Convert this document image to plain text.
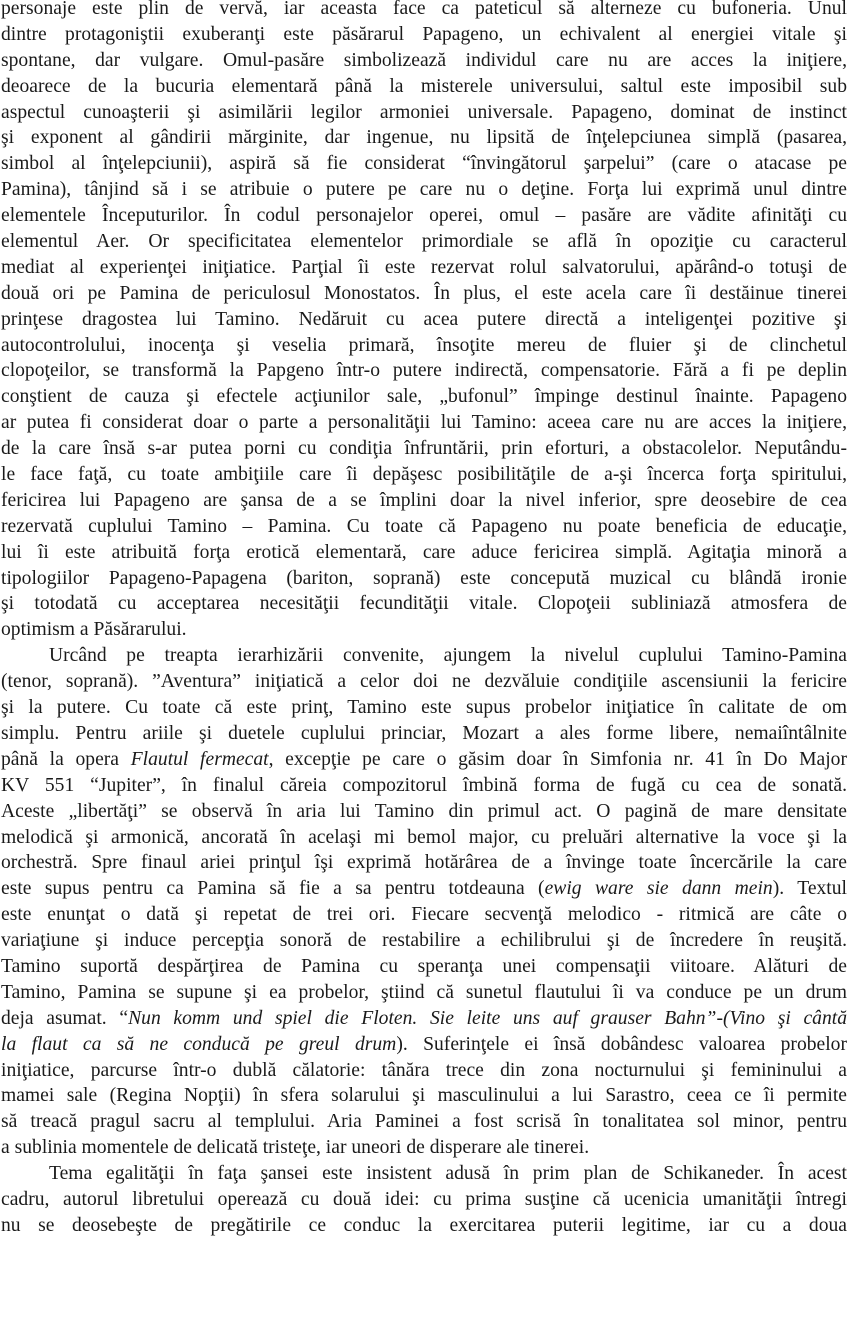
personaje este plin de vervă, iar aceasta face ca pateticul să alterneze cu bufoneria. Unul
dintre protagoniştii exuberanţi este păsărarul Papageno, un echivalent al energiei vitale şi
spontane, dar vulgare. Omul-pasăre simbolizează individul care nu are acces la iniţiere,
deoarece de la bucuria elementară până la misterele universului, saltul este imposibil sub
aspectul cunoaşterii şi asimilării legilor armoniei universale. Papageno, dominat de instinct
şi exponent al gândirii mărginite, dar ingenue, nu lipsită de înţelepciunea simplă (pasarea,
simbol al înţelepciunii), aspiră să fie considerat “învingătorul şarpelui” (care o atacase pe
Pamina), tânjind să i se atribuie o putere pe care nu o deţine. Forţa lui exprimă unul dintre
elementele Începuturilor. În codul personajelor operei, omul – pasăre are vădite afinităţi cu
elementul Aer. Or specificitatea elementelor primordiale se află în opoziţie cu caracterul
mediat al experienţei iniţiatice. Parţial îi este rezervat rolul salvatorului, apărând-o totuşi de
două ori pe Pamina de periculosul Monostatos. În plus, el este acela care îi destăinue tinerei
prinţese dragostea lui Tamino. Nedăruit cu acea putere directă a inteligenţei pozitive şi
autocontrolului, inocenţa şi veselia primară, însoţite mereu de fluier şi de clinchetul
clopoţeilor, se transformă la Papgeno într-o putere indirectă, compensatorie. Fără a fi pe deplin
conştient de cauza şi efectele acţiunilor sale, „bufonul” împinge destinul înainte. Papageno
ar putea fi considerat doar o parte a personalităţii lui Tamino: aceea care nu are acces la iniţiere,
de la care însă s-ar putea porni cu condiţia înfruntării, prin eforturi, a obstacolelor. Neputându-
le face faţă, cu toate ambiţiile care îi depăşesc posibilităţile de a-şi încerca forţa spiritului,
fericirea lui Papageno are şansa de a se împlini doar la nivel inferior, spre deosebire de cea
rezervată cuplului Tamino – Pamina. Cu toate că Papageno nu poate beneficia de educaţie,
lui îi este atribuită forţa erotică elementară, care aduce fericirea simplă. Agitaţia minoră a
tipologiilor Papageno-Papagena (bariton, soprană) este concepută muzical cu blândă ironie
şi totodată cu acceptarea necesităţii fecundităţii vitale. Clopoţeii subliniază atmosfera de
optimism a Păsărarului.
Urcând pe treapta ierarhizării convenite, ajungem la nivelul cuplului Tamino-Pamina
(tenor, soprană). ”Aventura” iniţiatică a celor doi ne dezvăluie condiţiile ascensiunii la fericire
şi la putere. Cu toate că este prinţ, Tamino este supus probelor iniţiatice în calitate de om
simplu. Pentru ariile şi duetele cuplului princiar, Mozart a ales forme libere, nemaiîntâlnite
până la opera Flautul fermecat, excepţie pe care o găsim doar în Simfonia nr. 41 în Do Major
KV 551 “Jupiter”, în finalul căreia compozitorul îmbină forma de fugă cu cea de sonată.
Aceste „libertăţi” se observă în aria lui Tamino din primul act. O pagină de mare densitate
melodică şi armonică, ancorată în acelaşi mi bemol major, cu preluări alternative la voce şi la
orchestră. Spre finaul ariei prinţul îşi exprimă hotărârea de a învinge toate încercările la care
este supus pentru ca Pamina să fie a sa pentru totdeauna (ewig ware sie dann mein). Textul
este enunţat o dată şi repetat de trei ori. Fiecare secvenţă melodico - ritmică are câte o
variaţiune şi induce percepţia sonoră de restabilire a echilibrului şi de încredere în reuşită.
Tamino suportă despărţirea de Pamina cu speranţa unei compensaţii viitoare. Alături de
Tamino, Pamina se supune şi ea probelor, ştiind că sunetul flautului îi va conduce pe un drum
deja asumat. “Nun komm und spiel die Floten. Sie leite uns auf grauser Bahn”-(Vino şi cântă
la flaut ca să ne conducă pe greul drum). Suferinţele ei însă dobândesc valoarea probelor
iniţiatice, parcurse într-o dublă călatorie: tânăra trece din zona nocturnului şi femininului a
mamei sale (Regina Nopţii) în sfera solarului şi masculinului a lui Sarastro, ceea ce îi permite
să treacă pragul sacru al templului. Aria Paminei a fost scrisă în tonalitatea sol minor, pentru
a sublinia momentele de delicată tristeţe, iar uneori de disperare ale tinerei.
Tema egalităţii în faţa şansei este insistent adusă în prim plan de Schikaneder. În acest
cadru, autorul libretului operează cu două idei: cu prima susţine că ucenicia umanităţii întregi
nu se deosebeşte de pregătirile ce conduc la exercitarea puterii legitime, iar cu a doua
